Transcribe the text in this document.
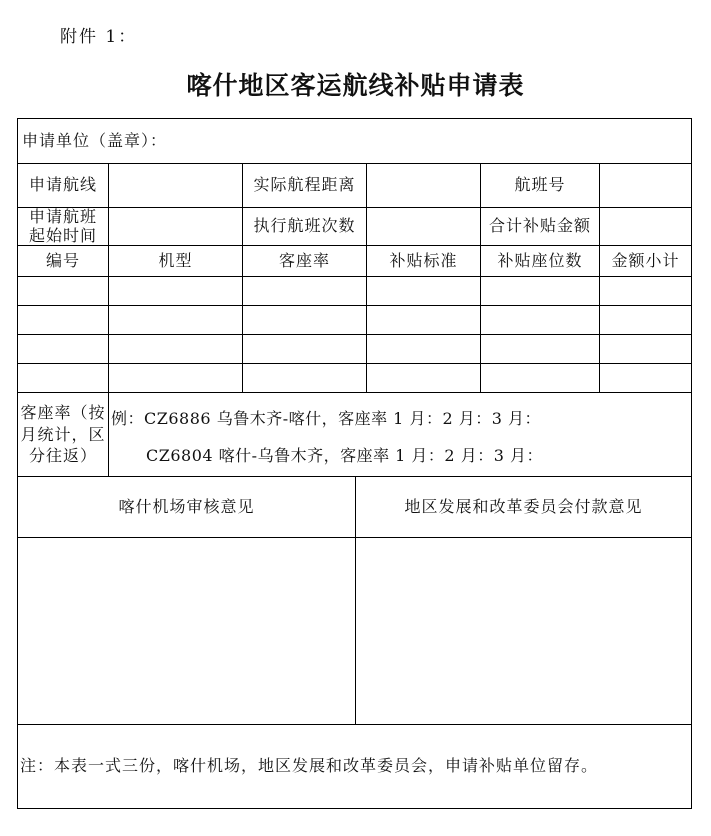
附件 1：
喀什地区客运航线补贴申请表
申请单位（盖章）：
申请航线	实际航程距离	航班号
申请航班
起始时间	执行航班次数	合计补贴金额
编号	机型	客座率	补贴标准	补贴座位数	金额小计
客座率（按
月统计，区
分往返）
例：CZ6886 乌鲁木齐-喀什，客座率 1 月：2 月：3 月：
CZ6804 喀什-乌鲁木齐，客座率 1 月：2 月：3 月：
喀什机场审核意见	地区发展和改革委员会付款意见
注：本表一式三份，喀什机场，地区发展和改革委员会，申请补贴单位留存。
